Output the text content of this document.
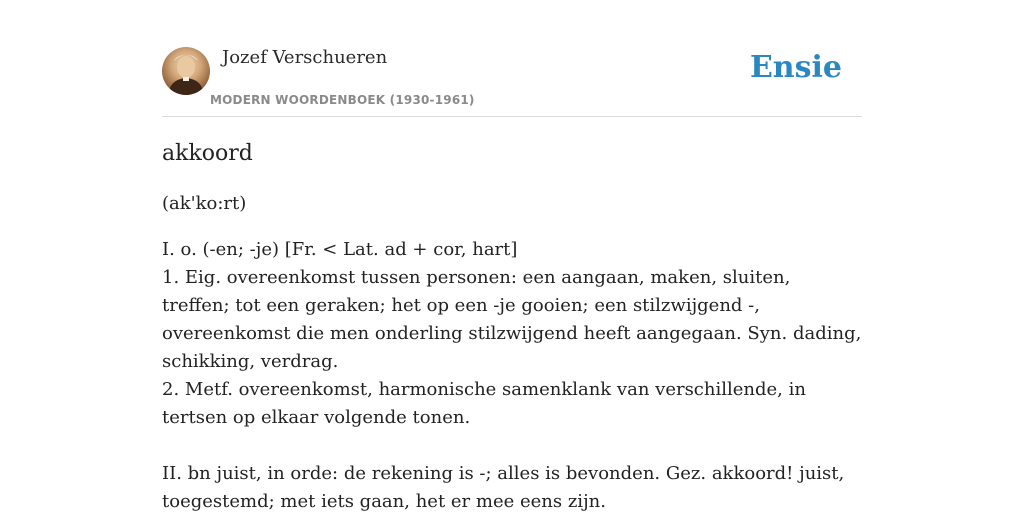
Jozef Verschueren
MODERN WOORDENBOEK (1930-1961)
Ensie
akkoord
(ak'ko:rt)

I. o. (-en; -je) [Fr. < Lat. ad + cor, hart]

1. Eig. overeenkomst tussen personen: een aangaan, maken, sluiten, treffen; tot een geraken; het op een -je gooien; een stilzwijgend -, overeenkomst die men onderling stilzwijgend heeft aangegaan. Syn. dading, schikking, verdrag.

2. Metf. overeenkomst, harmonische samenklank van verschillende, in tertsen op elkaar volgende tonen.

II. bn juist, in orde: de rekening is -; alles is bevonden. Gez. akkoord! juist, toegestemd; met iets gaan, het er mee eens zijn.
